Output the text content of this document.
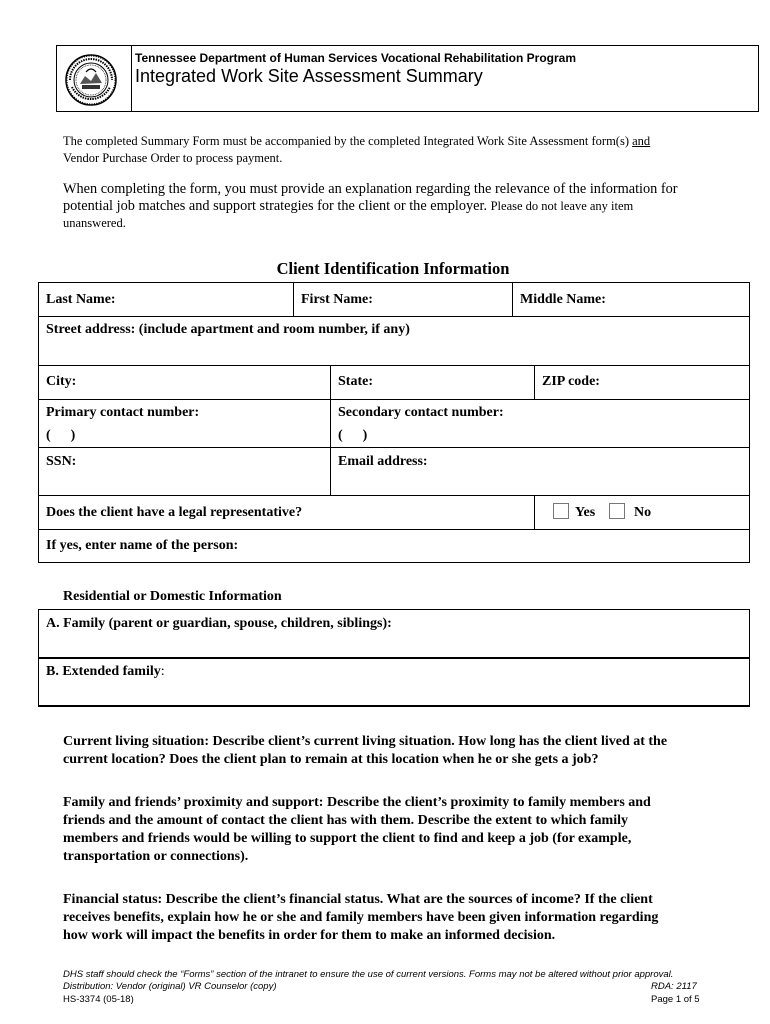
Tennessee Department of Human Services Vocational Rehabilitation Program
Integrated Work Site Assessment Summary
The completed Summary Form must be accompanied by the completed Integrated Work Site Assessment form(s) and
Vendor Purchase Order to process payment.
When completing the form, you must provide an explanation regarding the relevance of the information for
potential job matches and support strategies for the client or the employer. Please do not leave any item
unanswered.
Client Identification Information
Last Name:	First Name:	Middle Name:
Street address: (include apartment and room number, if any)
City:	State:	ZIP code:
Primary contact number:
( )
Secondary contact number:
( )
SSN:	Email address:
Does the client have a legal representative?	Yes	No
If yes, enter name of the person:
Residential or Domestic Information
A. Family (parent or guardian, spouse, children, siblings):
B. Extended family:
Current living situation: Describe client’s current living situation. How long has the client lived at the
current location? Does the client plan to remain at this location when he or she gets a job?
Family and friends’ proximity and support: Describe the client’s proximity to family members and
friends and the amount of contact the client has with them. Describe the extent to which family
members and friends would be willing to support the client to find and keep a job (for example,
transportation or connections).
Financial status: Describe the client’s financial status. What are the sources of income? If the client
receives benefits, explain how he or she and family members have been given information regarding
how work will impact the benefits in order for them to make an informed decision.
DHS staff should check the “Forms” section of the intranet to ensure the use of current versions. Forms may not be altered without prior approval.
Distribution: Vendor (original) VR Counselor (copy)	RDA: 2117
HS-3374 (05-18)	Page 1 of 5
